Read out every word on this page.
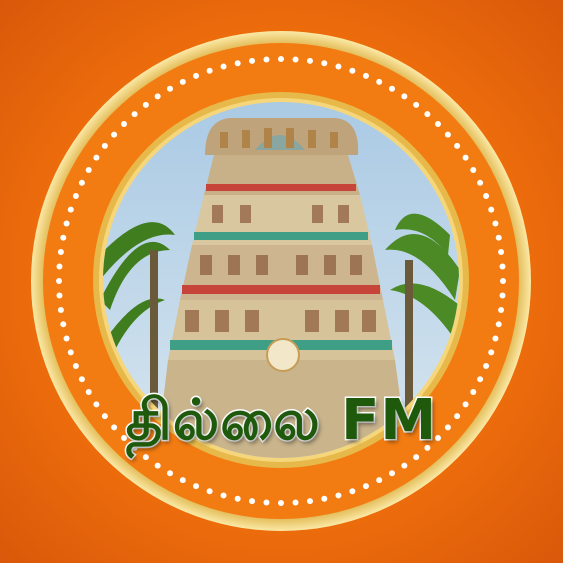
தில்லை FM
